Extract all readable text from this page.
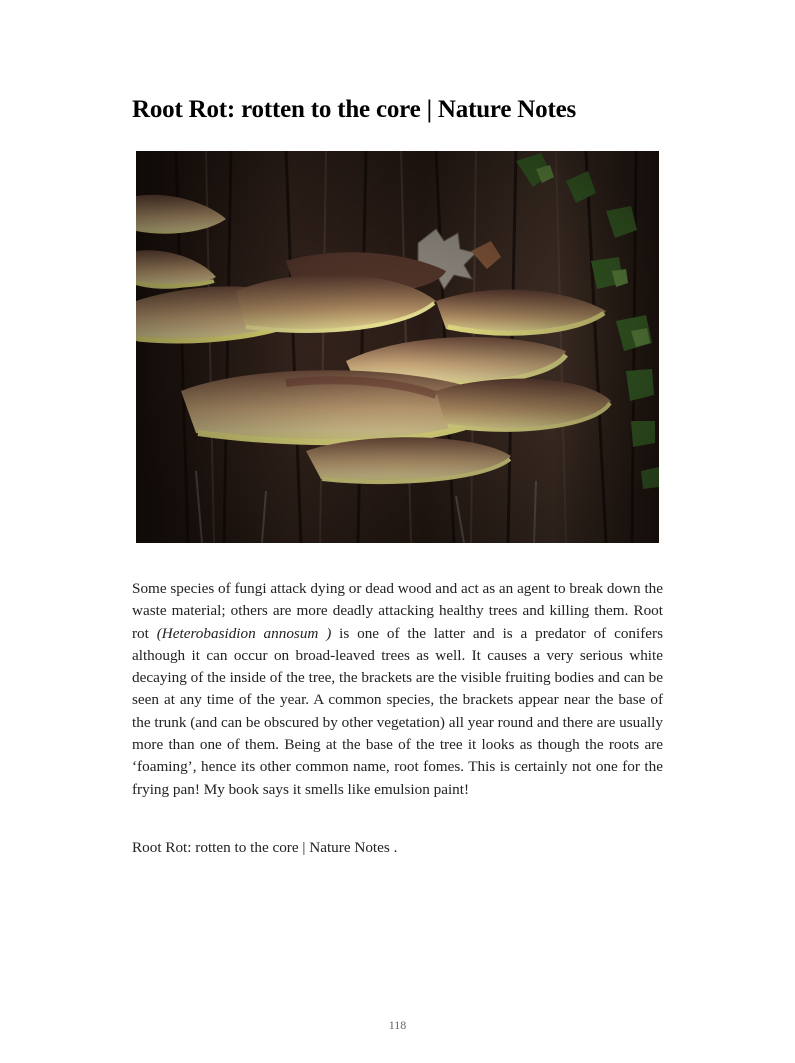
Root Rot: rotten to the core | Nature Notes

Some species of fungi attack dying or dead wood and act as an agent to break down the waste material; others are more deadly attacking healthy trees and killing them. Root rot (Heterobasidion annosum ) is one of the latter and is a predator of conifers although it can occur on broad-leaved trees as well. It causes a very serious white decaying of the inside of the tree, the brackets are the visible fruiting bodies and can be seen at any time of the year. A common species, the brackets appear near the base of the trunk (and can be obscured by other vegetation) all year round and there are usually more than one of them. Being at the base of the tree it looks as though the roots are ‘foaming’, hence its other common name, root fomes. This is certainly not one for the frying pan! My book says it smells like emulsion paint!

Root Rot: rotten to the core | Nature Notes .

118
